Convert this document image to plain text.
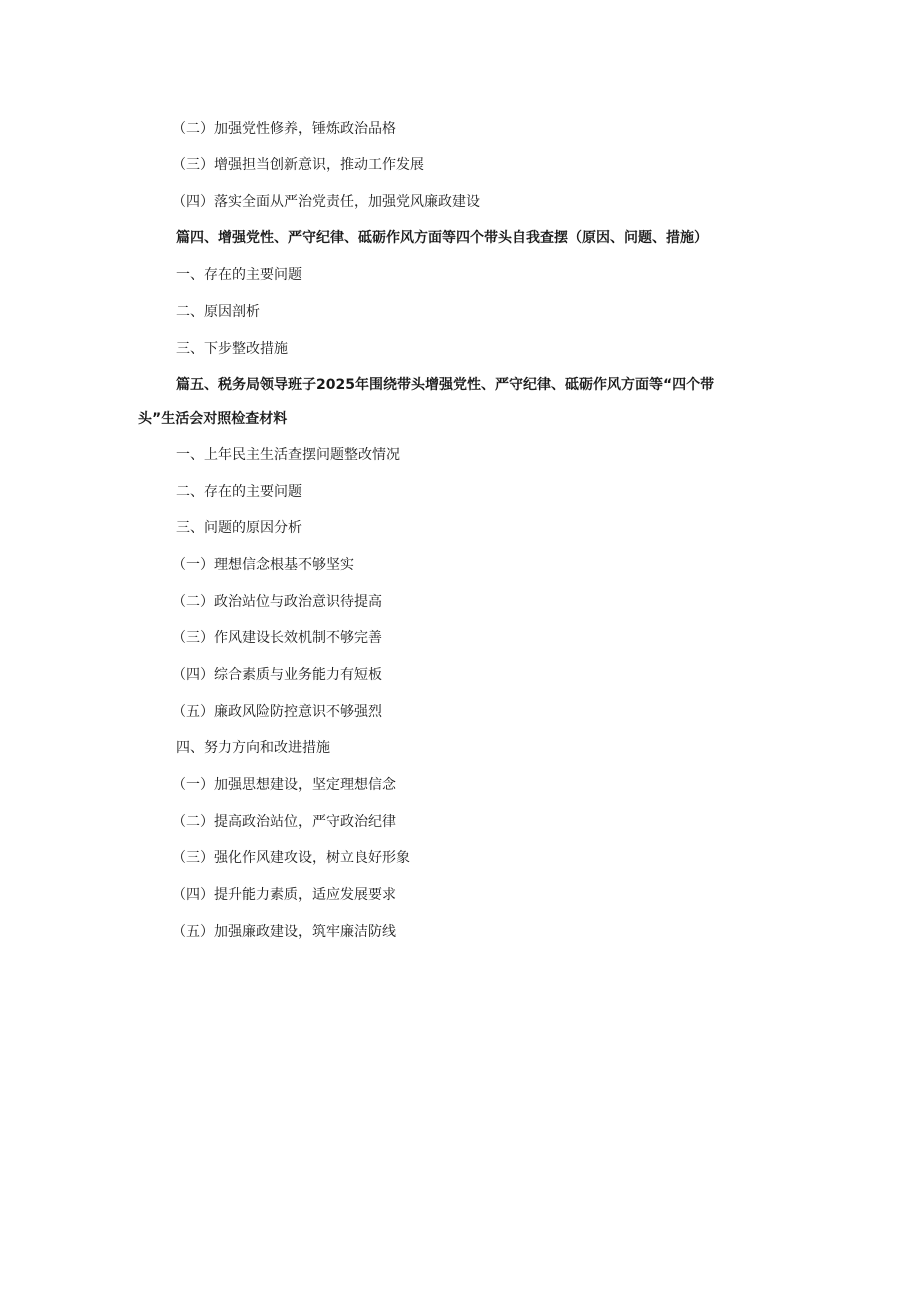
（二）加强党性修养，锤炼政治品格
（三）增强担当创新意识，推动工作发展
（四）落实全面从严治党责任，加强党风廉政建设
篇四、增强党性、严守纪律、砥砺作风方面等四个带头自我查摆（原因、问题、措施）
一、存在的主要问题
二、原因剖析
三、下步整改措施
篇五、税务局领导班子2025年围绕带头增强党性、严守纪律、砥砺作风方面等“四个带
头”生活会对照检查材料
一、上年民主生活查摆问题整改情况
二、存在的主要问题
三、问题的原因分析
（一）理想信念根基不够坚实
（二）政治站位与政治意识待提高
（三）作风建设长效机制不够完善
（四）综合素质与业务能力有短板
（五）廉政风险防控意识不够强烈
四、努力方向和改进措施
（一）加强思想建设，坚定理想信念
（二）提高政治站位，严守政治纪律
（三）强化作风建攻设，树立良好形象
（四）提升能力素质，适应发展要求
（五）加强廉政建设，筑牢廉洁防线
